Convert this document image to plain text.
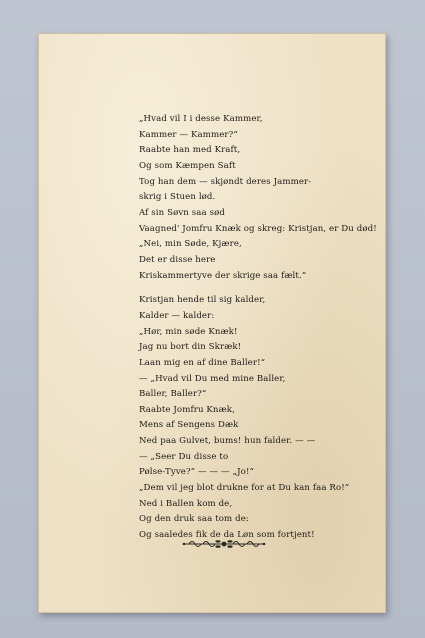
„Hvad vil I i desse Kammer,
Kammer — Kammer?“
Raabte han med Kraft,
Og som Kæmpen Saft
Tog han dem — skjøndt deres Jammer-
skrig i Stuen lød.
Af sin Søvn saa sød
Vaagned' Jomfru Knæk og skreg: Kristjan, er Du død!
„Nei, min Søde, Kjære,
Det er disse here
Kriskammertyve der skrige saa fælt.“
Kristjan hende til sig kalder,
Kalder — kalder:
„Hør, min søde Knæk!
Jag nu bort din Skræk!
Laan mig en af dine Baller!“
— „Hvad vil Du med mine Baller,
Baller, Baller?“
Raabte Jomfru Knæk,
Mens af Sengens Dæk
Ned paa Gulvet, bums! hun falder. — —
— „Seer Du disse to
Pølse-Tyve?“ — — — „Jo!“
„Dem vil jeg blot drukne for at Du kan faa Ro!“
Ned i Ballen kom de,
Og den druk saa tom de:
Og saaledes fik de da Løn som fortjent!
